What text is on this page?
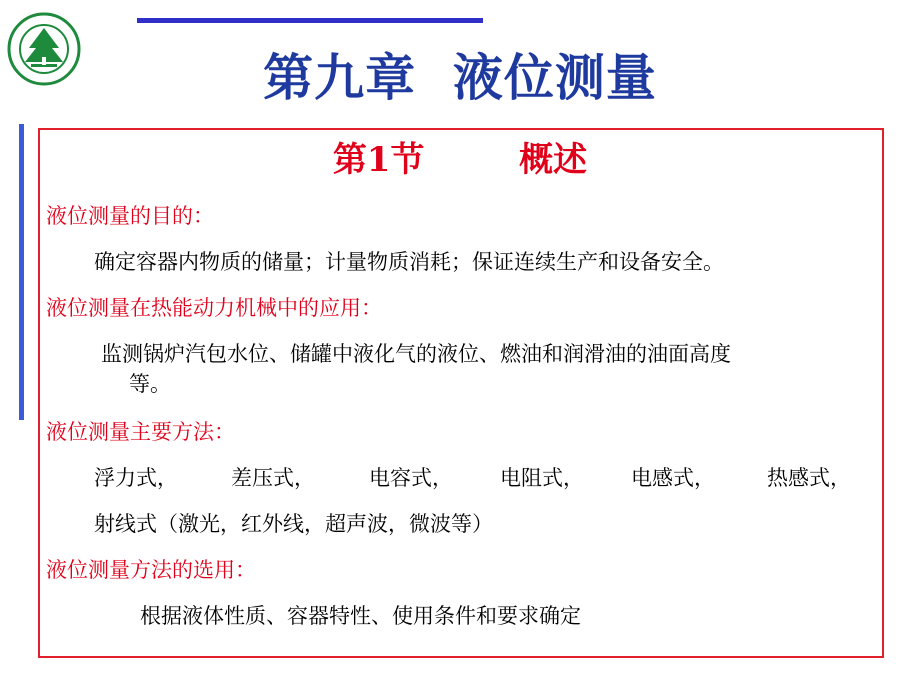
第九章  液位测量
第1节        概述
液位测量的目的：
确定容器内物质的储量；计量物质消耗；保证连续生产和设备安全。
液位测量在热能动力机械中的应用：
监测锅炉汽包水位、储罐中液化气的液位、燃油和润滑油的油面高度
等。
液位测量主要方法：
浮力式，	差压式，	电容式， 电阻式， 电感式， 热感式，
射线式（激光，红外线，超声波，微波等）
液位测量方法的选用：
根据液体性质、容器特性、使用条件和要求确定
